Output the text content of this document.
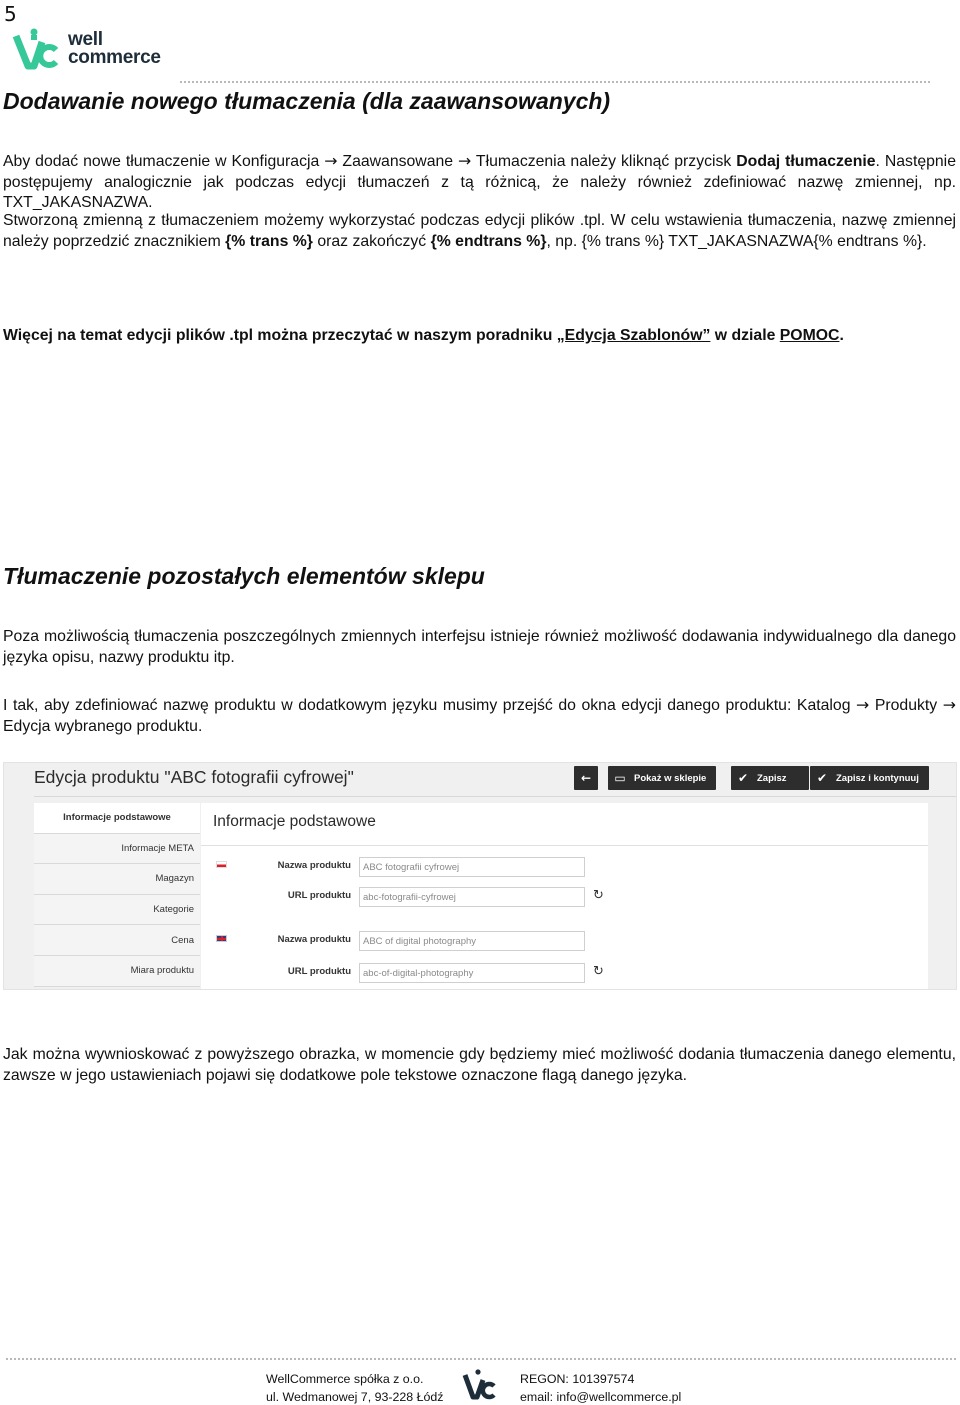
5
well
commerce
Dodawanie nowego tłumaczenia (dla zaawansowanych)

Aby dodać nowe tłumaczenie w Konfiguracja → Zaawansowane → Tłumaczenia należy kliknąć przycisk Dodaj tłumaczenie. Następnie postępujemy analogicznie jak podczas edycji tłumaczeń z tą różnicą, że należy również zdefiniować nazwę zmiennej, np. TXT_JAKASNAZWA.

Stworzoną zmienną z tłumaczeniem możemy wykorzystać podczas edycji plików .tpl. W celu wstawienia tłumaczenia, nazwę zmiennej należy poprzedzić znacznikiem {% trans %} oraz zakończyć {% endtrans %}, np. {% trans %} TXT_JAKASNAZWA{% endtrans %}.

Więcej na temat edycji plików .tpl można przeczytać w naszym poradniku „Edycja Szablonów” w dziale POMOC.

Tłumaczenie pozostałych elementów sklepu

Poza możliwością tłumaczenia poszczególnych zmiennych interfejsu istnieje również możliwość dodawania indywidualnego dla danego języka opisu, nazwy produktu itp.

I tak, aby zdefiniować nazwę produktu w dodatkowym języku musimy przejść do okna edycji danego produktu: Katalog → Produkty → Edycja wybranego produktu.

Edycja produktu "ABC fotografii cyfrowej"	←	▭ Pokaż w sklepie	✔ Zapisz	✔ Zapisz i kontynuuj
Informacje podstawowe
Informacje META
Magazyn
Kategorie
Cena
Miara produktu
Informacje podstawowe
Nazwa produktu	ABC fotografii cyfrowej
URL produktu	abc-fotografii-cyfrowej	↻
Nazwa produktu	ABC of digital photography
URL produktu	abc-of-digital-photography	↻

Jak można wywnioskować z powyższego obrazka, w momencie gdy będziemy mieć możliwość dodania tłumaczenia danego elementu, zawsze w jego ustawieniach pojawi się dodatkowe pole tekstowe oznaczone flagą danego języka.

WellCommerce spółka z o.o.
ul. Wedmanowej 7, 93-228 Łódź
REGON: 101397574
email: info@wellcommerce.pl
